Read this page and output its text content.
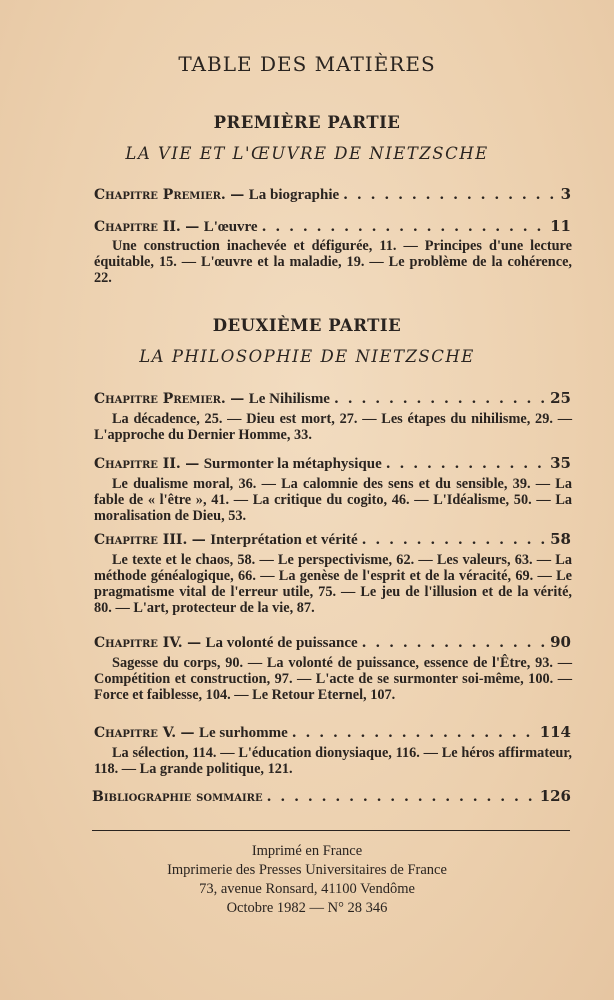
TABLE DES MATIÈRES
PREMIÈRE PARTIE
LA VIE ET L'ŒUVRE DE NIETZSCHE
Chapitre Premier.
—
La biographie . . .	3
Chapitre II.
—
L'œuvre . . .	11

Une construction inachevée et défigurée, 11. — Principes d'une lecture équitable, 15. — L'œuvre et la maladie, 19. — Le problème de la cohérence, 22.

DEUXIÈME PARTIE
LA PHILOSOPHIE DE NIETZSCHE
Chapitre Premier.
—
Le Nihilisme . . .	25

La décadence, 25. — Dieu est mort, 27. — Les étapes du nihilisme, 29. — L'approche du Dernier Homme, 33.

Chapitre II.
—
Surmonter la métaphysique . . .	35

Le dualisme moral, 36. — La calomnie des sens et du sensible, 39. — La fable de « l'être », 41. — La critique du cogito, 46. — L'Idéalisme, 50. — La moralisation de Dieu, 53.

Chapitre III.
—
Interprétation et vérité . . .	58

Le texte et le chaos, 58. — Le perspectivisme, 62. — Les valeurs, 63. — La méthode généalogique, 66. — La genèse de l'esprit et de la véracité, 69. — Le pragmatisme vital de l'erreur utile, 75. — Le jeu de l'illusion et de la vérité, 80. — L'art, protecteur de la vie, 87.

Chapitre IV.
—
La volonté de puissance . . .	90

Sagesse du corps, 90. — La volonté de puissance, essence de l'Être, 93. — Compétition et construction, 97. — L'acte de se surmonter soi-même, 100. — Force et faiblesse, 104. — Le Retour Eternel, 107.

Chapitre V.
—
Le surhomme . . .	114

La sélection, 114. — L'éducation dionysiaque, 116. — Le héros affirmateur, 118. — La grande politique, 121.

Bibliographie sommaire . . .	126
Imprimé en France
Imprimerie des Presses Universitaires de France
73, avenue Ronsard, 41100 Vendôme
Octobre 1982 — N° 28 346
